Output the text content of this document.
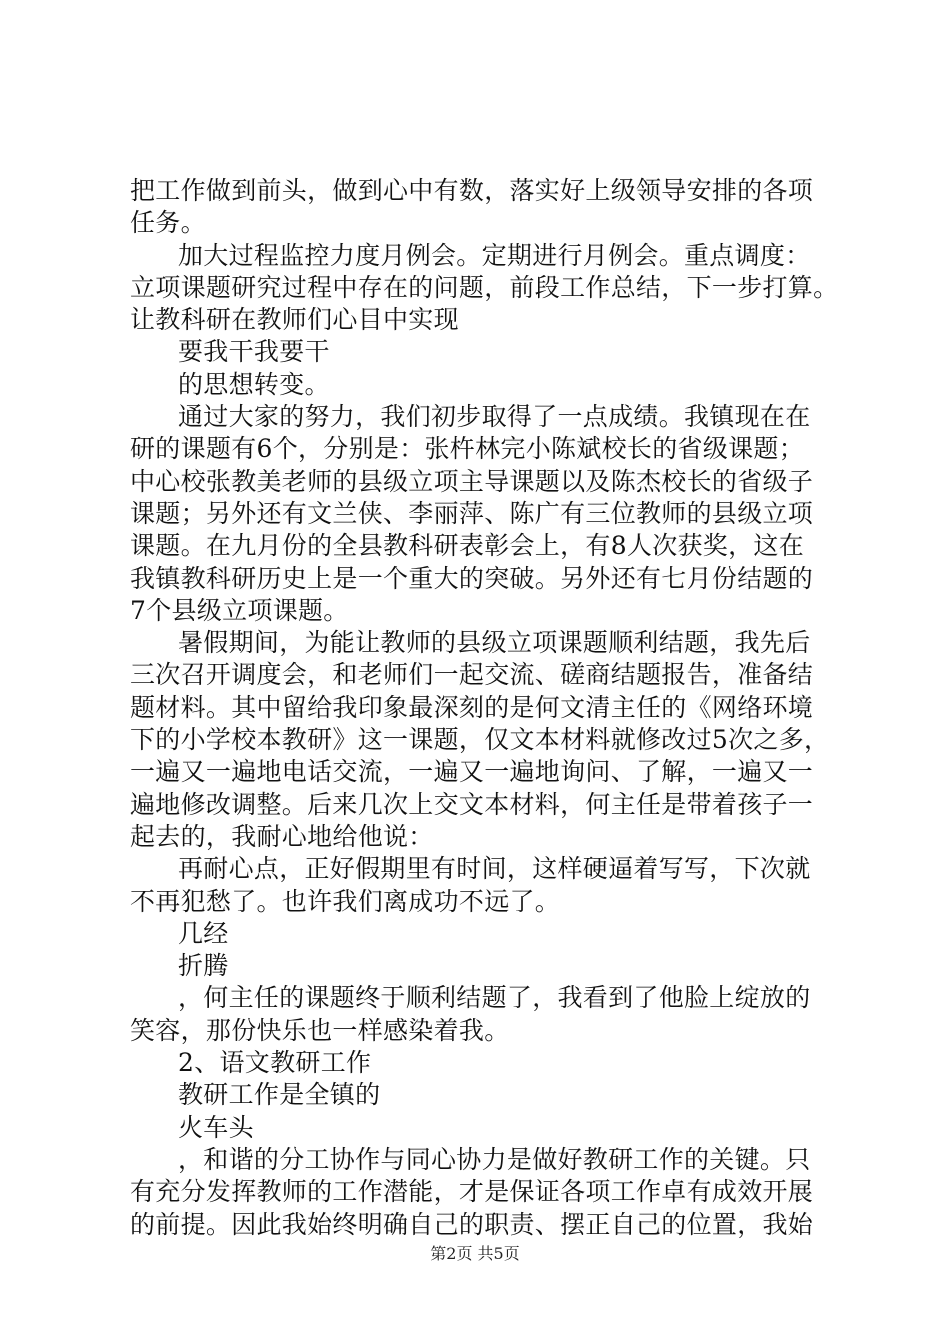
把工作做到前头，做到心中有数，落实好上级领导安排的各项
任务。
加大过程监控力度月例会。定期进行月例会。重点调度：
立项课题研究过程中存在的问题，前段工作总结，下一步打算。
让教科研在教师们心目中实现
要我干我要干
的思想转变。
通过大家的努力，我们初步取得了一点成绩。我镇现在在
研的课题有6个，分别是：张杵林完小陈斌校长的省级课题；
中心校张教美老师的县级立项主导课题以及陈杰校长的省级子
课题；另外还有文兰侠、李丽萍、陈广有三位教师的县级立项
课题。在九月份的全县教科研表彰会上，有8人次获奖，这在
我镇教科研历史上是一个重大的突破。另外还有七月份结题的
7个县级立项课题。
暑假期间，为能让教师的县级立项课题顺利结题，我先后
三次召开调度会，和老师们一起交流、磋商结题报告，准备结
题材料。其中留给我印象最深刻的是何文清主任的《网络环境
下的小学校本教研》这一课题，仅文本材料就修改过5次之多，
一遍又一遍地电话交流，一遍又一遍地询问、了解，一遍又一
遍地修改调整。后来几次上交文本材料，何主任是带着孩子一
起去的，我耐心地给他说：
再耐心点，正好假期里有时间，这样硬逼着写写，下次就
不再犯愁了。也许我们离成功不远了。
几经
折腾
，何主任的课题终于顺利结题了，我看到了他脸上绽放的
笑容，那份快乐也一样感染着我。
2、语文教研工作
教研工作是全镇的
火车头
，和谐的分工协作与同心协力是做好教研工作的关键。只
有充分发挥教师的工作潜能，才是保证各项工作卓有成效开展
的前提。因此我始终明确自己的职责、摆正自己的位置，我始
第2页 共5页
